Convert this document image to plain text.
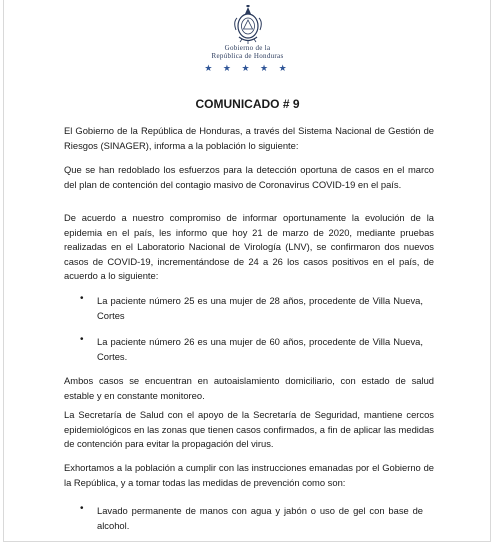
Gobierno de la

República de Honduras

★ ★ ★ ★ ★
COMUNICADO # 9

El Gobierno de la República de Honduras, a través del Sistema Nacional de Gestión de Riesgos (SINAGER), informa a la población lo siguiente:

Que se han redoblado los esfuerzos para la detección oportuna de casos en el marco del plan de contención del contagio masivo de Coronavirus COVID-19 en el país.

De acuerdo a nuestro compromiso de informar oportunamente la evolución de la epidemia en el país, les informo que hoy 21 de marzo de 2020, mediante pruebas realizadas en el Laboratorio Nacional de Virología (LNV), se confirmaron dos nuevos casos de COVID-19, incrementándose de 24 a 26 los casos positivos en el país, de acuerdo a lo siguiente:

• La paciente número 25 es una mujer de 28 años, procedente de Villa Nueva, Cortes

• La paciente número 26 es una mujer de 60 años, procedente de Villa Nueva, Cortes.

Ambos casos se encuentran en autoaislamiento domiciliario, con estado de salud estable y en constante monitoreo.

La Secretaría de Salud con el apoyo de la Secretaría de Seguridad, mantiene cercos epidemiológicos en las zonas que tienen casos confirmados, a fin de aplicar las medidas de contención para evitar la propagación del virus.

Exhortamos a la población a cumplir con las instrucciones emanadas por el Gobierno de la República, y a tomar todas las medidas de prevención como son:

• Lavado permanente de manos con agua y jabón o uso de gel con base de alcohol.
